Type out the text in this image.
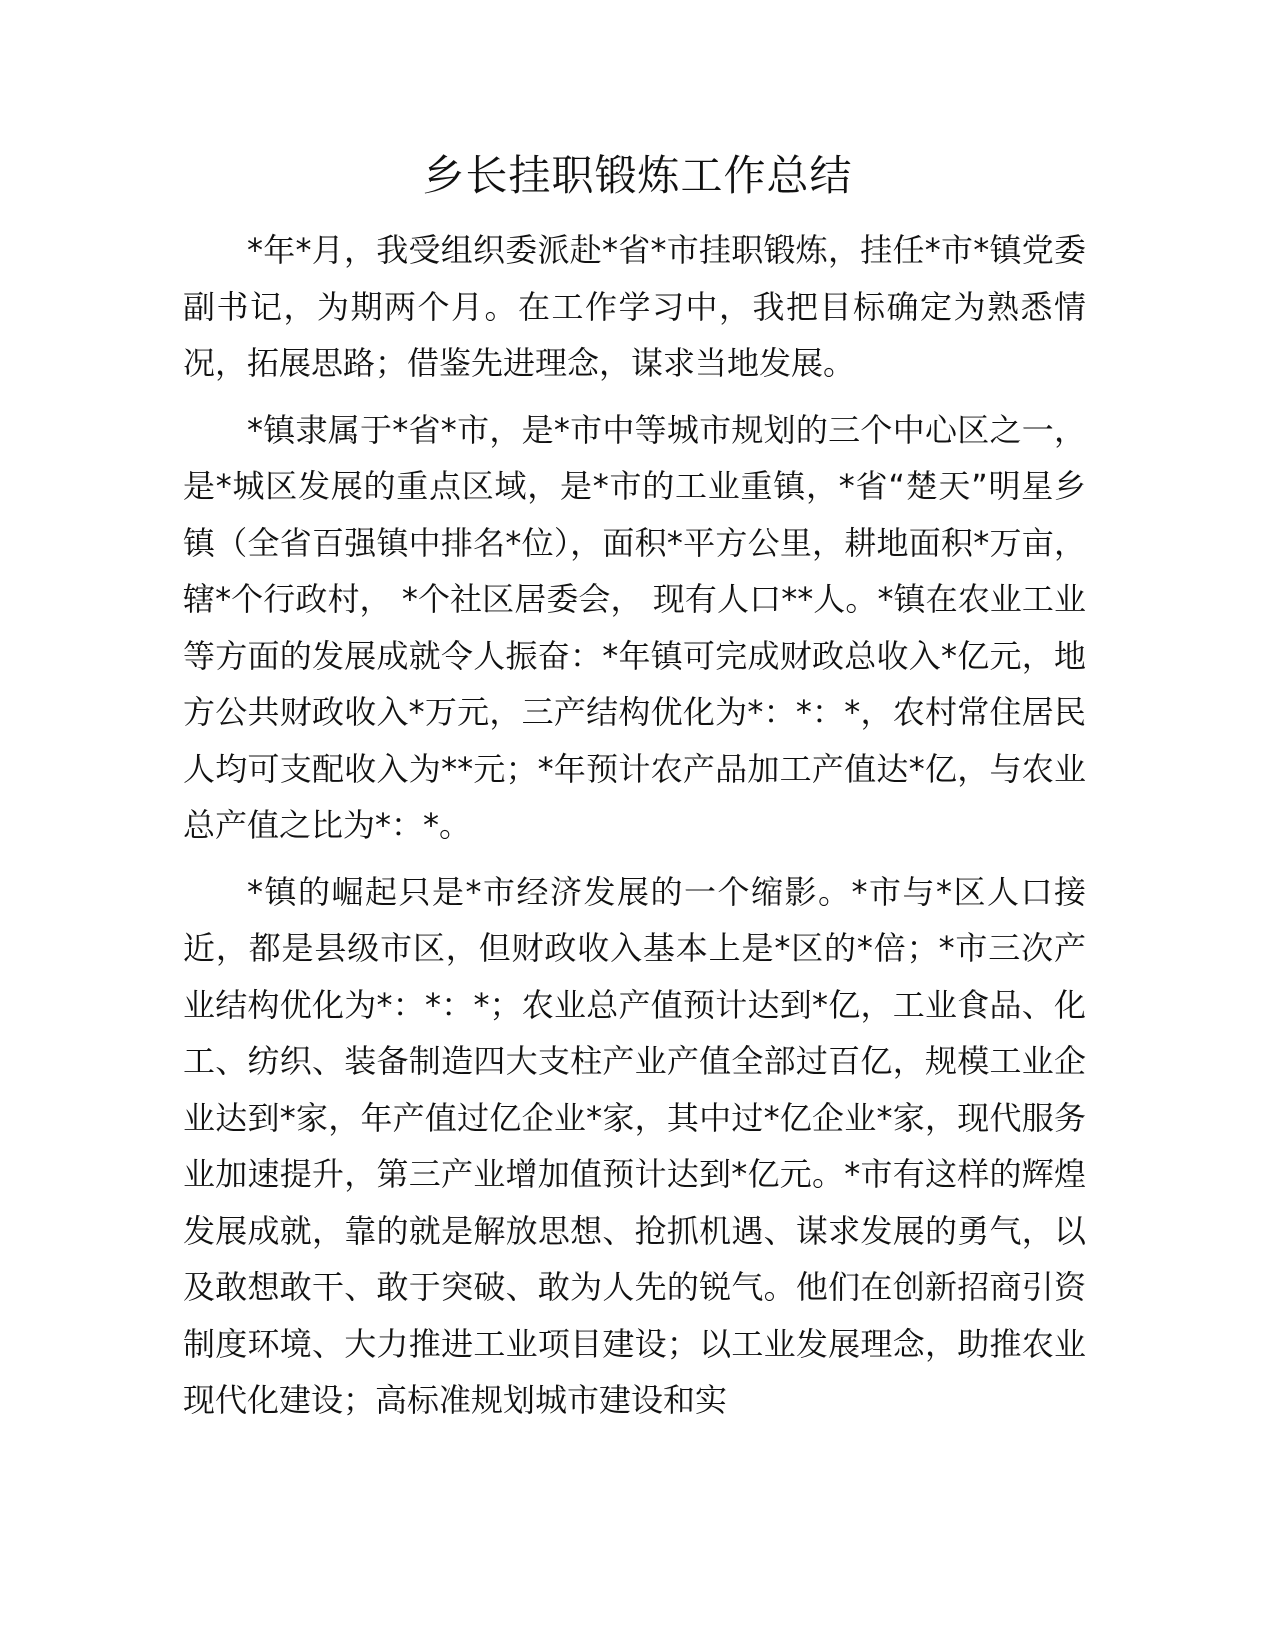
乡长挂职锻炼工作总结

*年*月，我受组织委派赴*省*市挂职锻炼，挂任*市*镇党委副书记，为期两个月。在工作学习中，我把目标确定为熟悉情况，拓展思路；借鉴先进理念，谋求当地发展。

*镇隶属于*省*市，是*市中等城市规划的三个中心区之一， 是*城区发展的重点区域，是*市的工业重镇，*省“楚天”明星乡镇（全省百强镇中排名*位），面积*平方公里，耕地面积*万亩，辖*个行政村， *个社区居委会， 现有人口**人。*镇在农业工业等方面的发展成就令人振奋：*年镇可完成财政总收入*亿元，地方公共财政收入*万元，三产结构优化为*：*：*，农村常住居民人均可支配收入为**元；*年预计农产品加工产值达*亿，与农业总产值之比为*：*。

*镇的崛起只是*市经济发展的一个缩影。*市与*区人口接近，都是县级市区，但财政收入基本上是*区的*倍；*市三次产业结构优化为*：*：*；农业总产值预计达到*亿，工业食品、化工、纺织、装备制造四大支柱产业产值全部过百亿，规模工业企业达到*家，年产值过亿企业*家，其中过*亿企业*家，现代服务业加速提升，第三产业增加值预计达到*亿元。*市有这样的辉煌发展成就，靠的就是解放思想、抢抓机遇、谋求发展的勇气，以及敢想敢干、敢于突破、敢为人先的锐气。他们在创新招商引资制度环境、大力推进工业项目建设；以工业发展理念，助推农业现代化建设；高标准规划城市建设和实
